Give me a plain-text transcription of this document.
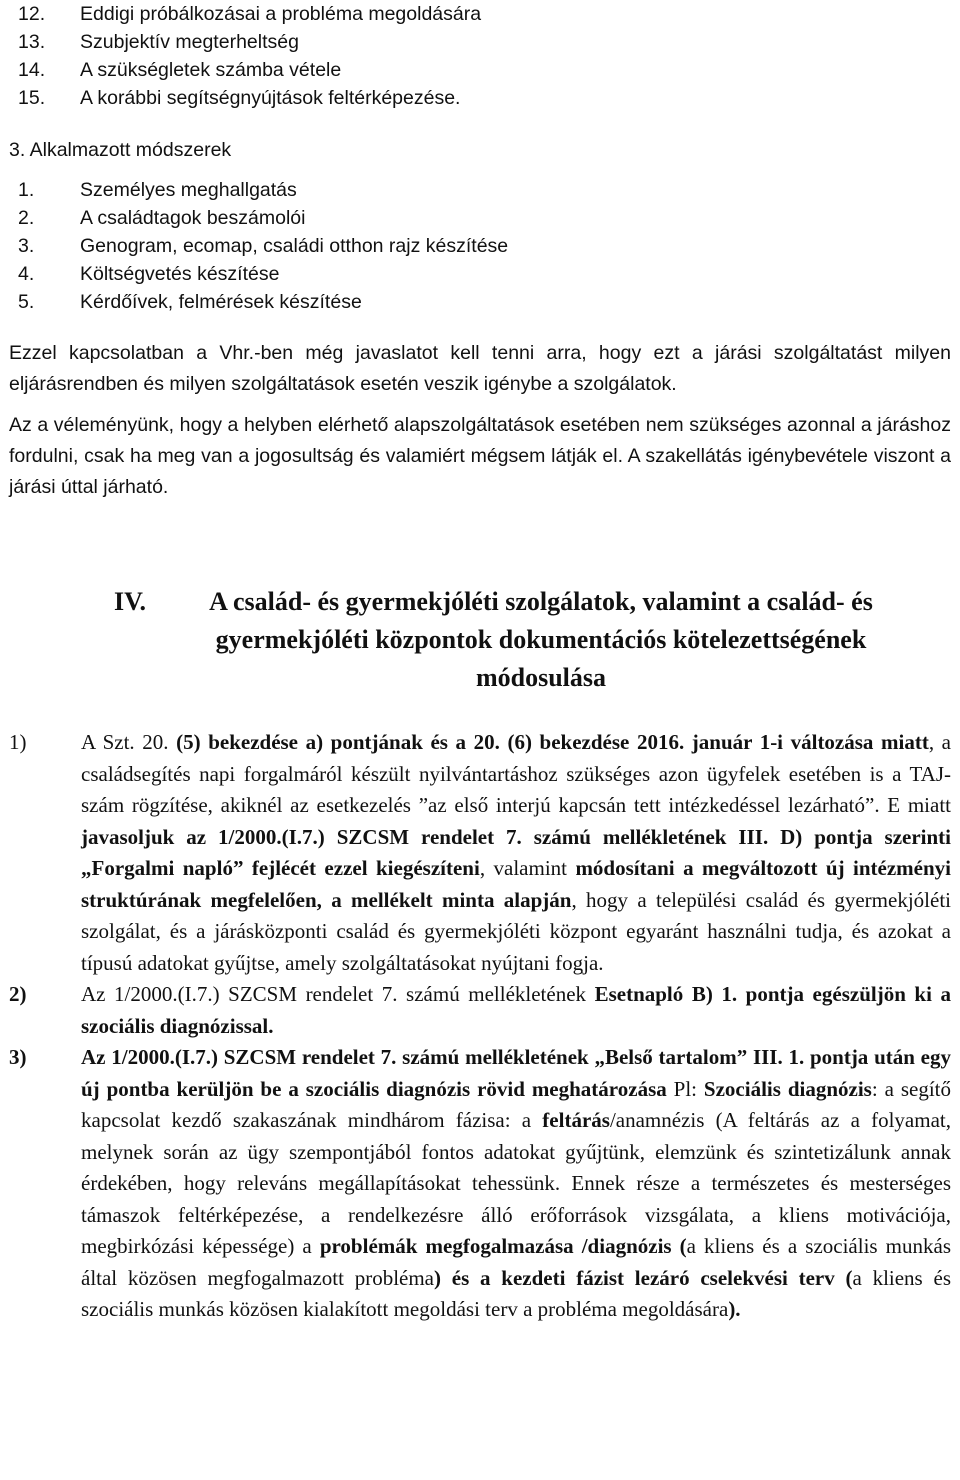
12.	Eddigi próbálkozásai a probléma megoldására
13.	Szubjektív megterheltség
14.	A szükségletek számba vétele
15.	A korábbi segítségnyújtások feltérképezése.
3. Alkalmazott módszerek
1.	Személyes meghallgatás
2.	A családtagok beszámolói
3.	Genogram, ecomap, családi otthon rajz készítése
4.	Költségvetés készítése
5.	Kérdőívek, felmérések készítése

Ezzel kapcsolatban a Vhr.-ben még javaslatot kell tenni arra, hogy ezt a járási szolgáltatást milyen eljárásrendben és milyen szolgáltatások esetén veszik igénybe a szolgálatok.

Az a véleményünk, hogy a helyben elérhető alapszolgáltatások esetében nem szükséges azonnal a járáshoz fordulni, csak ha meg van a jogosultság és valamiért mégsem látják el. A szakellátás igénybevétele viszont a járási úttal járható.

IV.	A család- és gyermekjóléti szolgálatok, valamint a család- és gyermekjóléti központok dokumentációs kötelezettségének módosulása
1)	A Szt. 20. (5) bekezdése a) pontjának és a 20. (6) bekezdése 2016. január 1-i változása miatt, a családsegítés napi forgalmáról készült nyilvántartáshoz szükséges azon ügyfelek esetében is a TAJ-szám rögzítése, akiknél az esetkezelés ”az első interjú kapcsán tett intézkedéssel lezárható”. E miatt javasoljuk az 1/2000.(I.7.) SZCSM rendelet 7. számú mellékletének III. D) pontja szerinti „Forgalmi napló” fejlécét ezzel kiegészíteni, valamint módosítani a megváltozott új intézményi struktúrának megfelelően, a mellékelt minta alapján, hogy a települési család és gyermekjóléti szolgálat, és a járásközponti család és gyermekjóléti központ egyaránt használni tudja, és azokat a típusú adatokat gyűjtse, amely szolgáltatásokat nyújtani fogja.
2)	Az 1/2000.(I.7.) SZCSM rendelet 7. számú mellékletének Esetnapló B) 1. pontja egészüljön ki a szociális diagnózissal.
3)	Az 1/2000.(I.7.) SZCSM rendelet 7. számú mellékletének „Belső tartalom” III. 1. pontja után egy új pontba kerüljön be a szociális diagnózis rövid meghatározása Pl: Szociális diagnózis: a segítő kapcsolat kezdő szakaszának mindhárom fázisa: a feltárás/anamnézis (A feltárás az a folyamat, melynek során az ügy szempontjából fontos adatokat gyűjtünk, elemzünk és szintetizálunk annak érdekében, hogy releváns megállapításokat tehessünk. Ennek része a természetes és mesterséges támaszok feltérképezése, a rendelkezésre álló erőforrások vizsgálata, a kliens motivációja, megbirkózási képessége) a problémák megfogalmazása /diagnózis (a kliens és a szociális munkás által közösen megfogalmazott probléma) és a kezdeti fázist lezáró cselekvési terv (a kliens és szociális munkás közösen kialakított megoldási terv a probléma megoldására).
